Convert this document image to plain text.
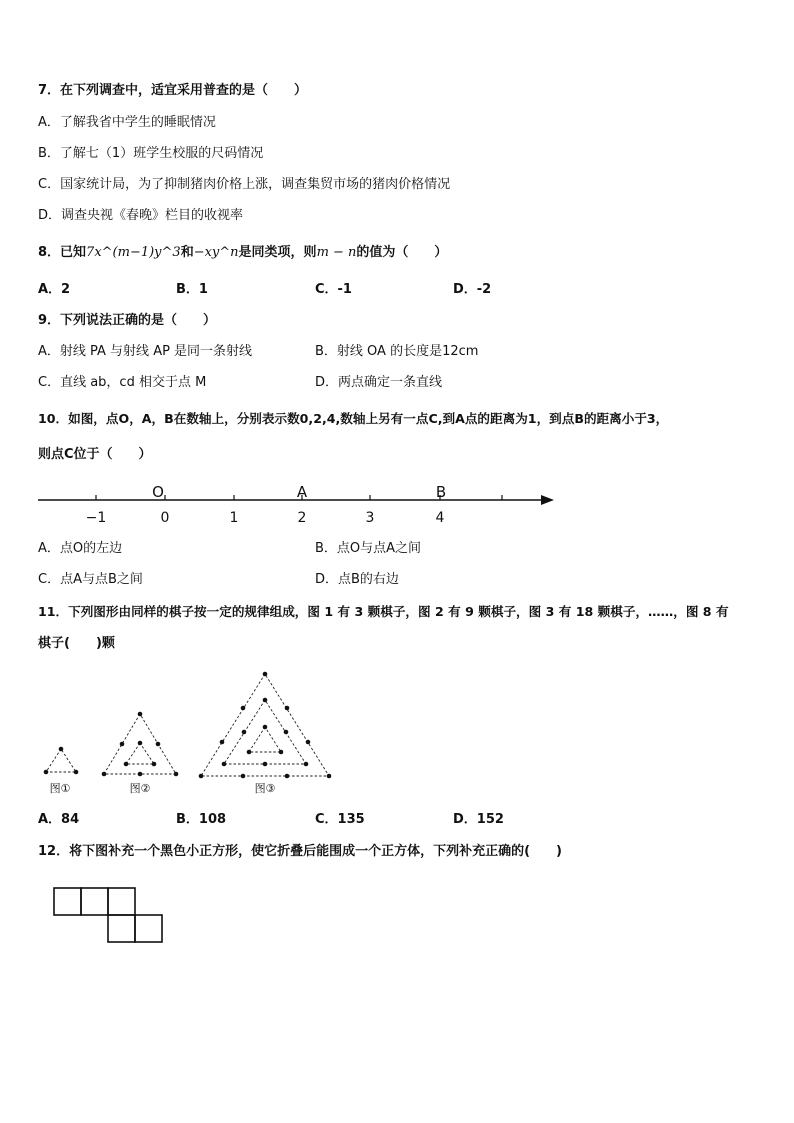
7．在下列调查中，适宜采用普查的是（　　）
A．了解我省中学生的睡眠情况
B．了解七（1）班学生校服的尺码情况
C．国家统计局，为了抑制猪肉价格上涨，调查集贸市场的猪肉价格情况
D．调查央视《春晚》栏目的收视率
8．已知7x^(m−1)y^3和−xy^n是同类项，则m − n的值为（　　）
A．2	B．1	C．-1	D．-2
9．下列说法正确的是（　　）
A．射线 PA 与射线 AP 是同一条射线	B．射线 OA 的长度是12cm
C．直线 ab，cd 相交于点 M	D．两点确定一条直线
10．如图，点O，A，B在数轴上，分别表示数0,2,4,数轴上另有一点C,到A点的距离为1，到点B的距离小于3，
则点C位于（　　）
−1	0	1	2	3	4
O	A	B
A．点O的左边	B．点O与点A之间
C．点A与点B之间	D．点B的右边
11．下列图形由同样的棋子按一定的规律组成，图 1 有 3 颗棋子，图 2 有 9 颗棋子，图 3 有 18 颗棋子，……，图 8 有
棋子(　　)颗
图①	图②	图③
A．84	B．108	C．135	D．152
12．将下图补充一个黑色小正方形，使它折叠后能围成一个正方体，下列补充正确的(　　)
